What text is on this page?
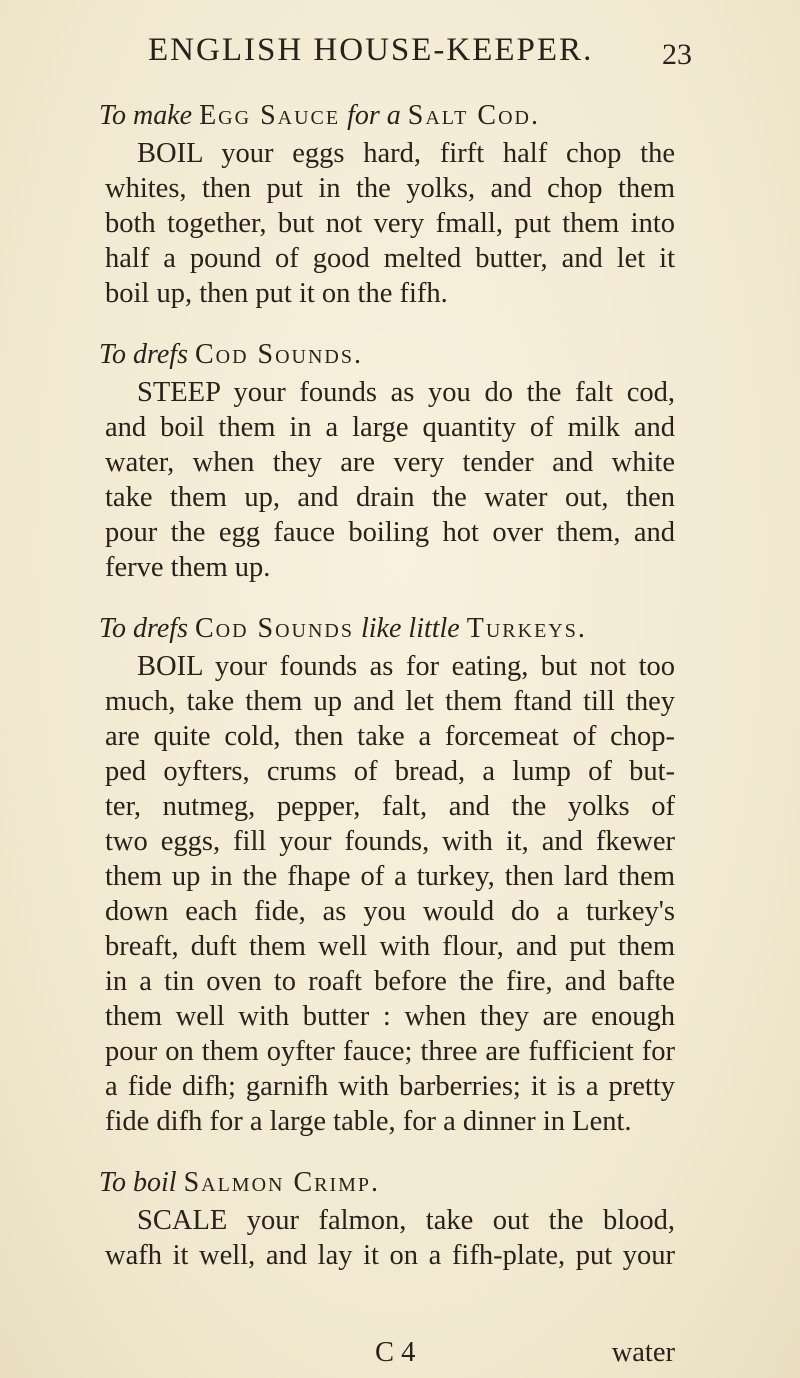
ENGLISH HOUSE-KEEPER.	23
To make Egg Sauce for a Salt Cod.
BOIL your eggs hard, firft half chop the
whites, then put in the yolks, and chop them
both together, but not very fmall, put them into
half a pound of good melted butter, and let it
boil up, then put it on the fifh.
To drefs Cod Sounds.
STEEP your founds as you do the falt cod,
and boil them in a large quantity of milk and
water, when they are very tender and white
take them up, and drain the water out, then
pour the egg fauce boiling hot over them, and
ferve them up.
To drefs Cod Sounds like little Turkeys.
BOIL your founds as for eating, but not too
much, take them up and let them ftand till they
are quite cold, then take a forcemeat of chop-
ped oyfters, crums of bread, a lump of but-
ter, nutmeg, pepper, falt, and the yolks of
two eggs, fill your founds, with it, and fkewer
them up in the fhape of a turkey, then lard them
down each fide, as you would do a turkey's
breaft, duft them well with flour, and put them
in a tin oven to roaft before the fire, and bafte
them well with butter : when they are enough
pour on them oyfter fauce; three are fufficient for
a fide difh; garnifh with barberries; it is a pretty
fide difh for a large table, for a dinner in Lent.
To boil Salmon Crimp.
SCALE your falmon, take out the blood,
wafh it well, and lay it on a fifh-plate, put your
C 4	water
